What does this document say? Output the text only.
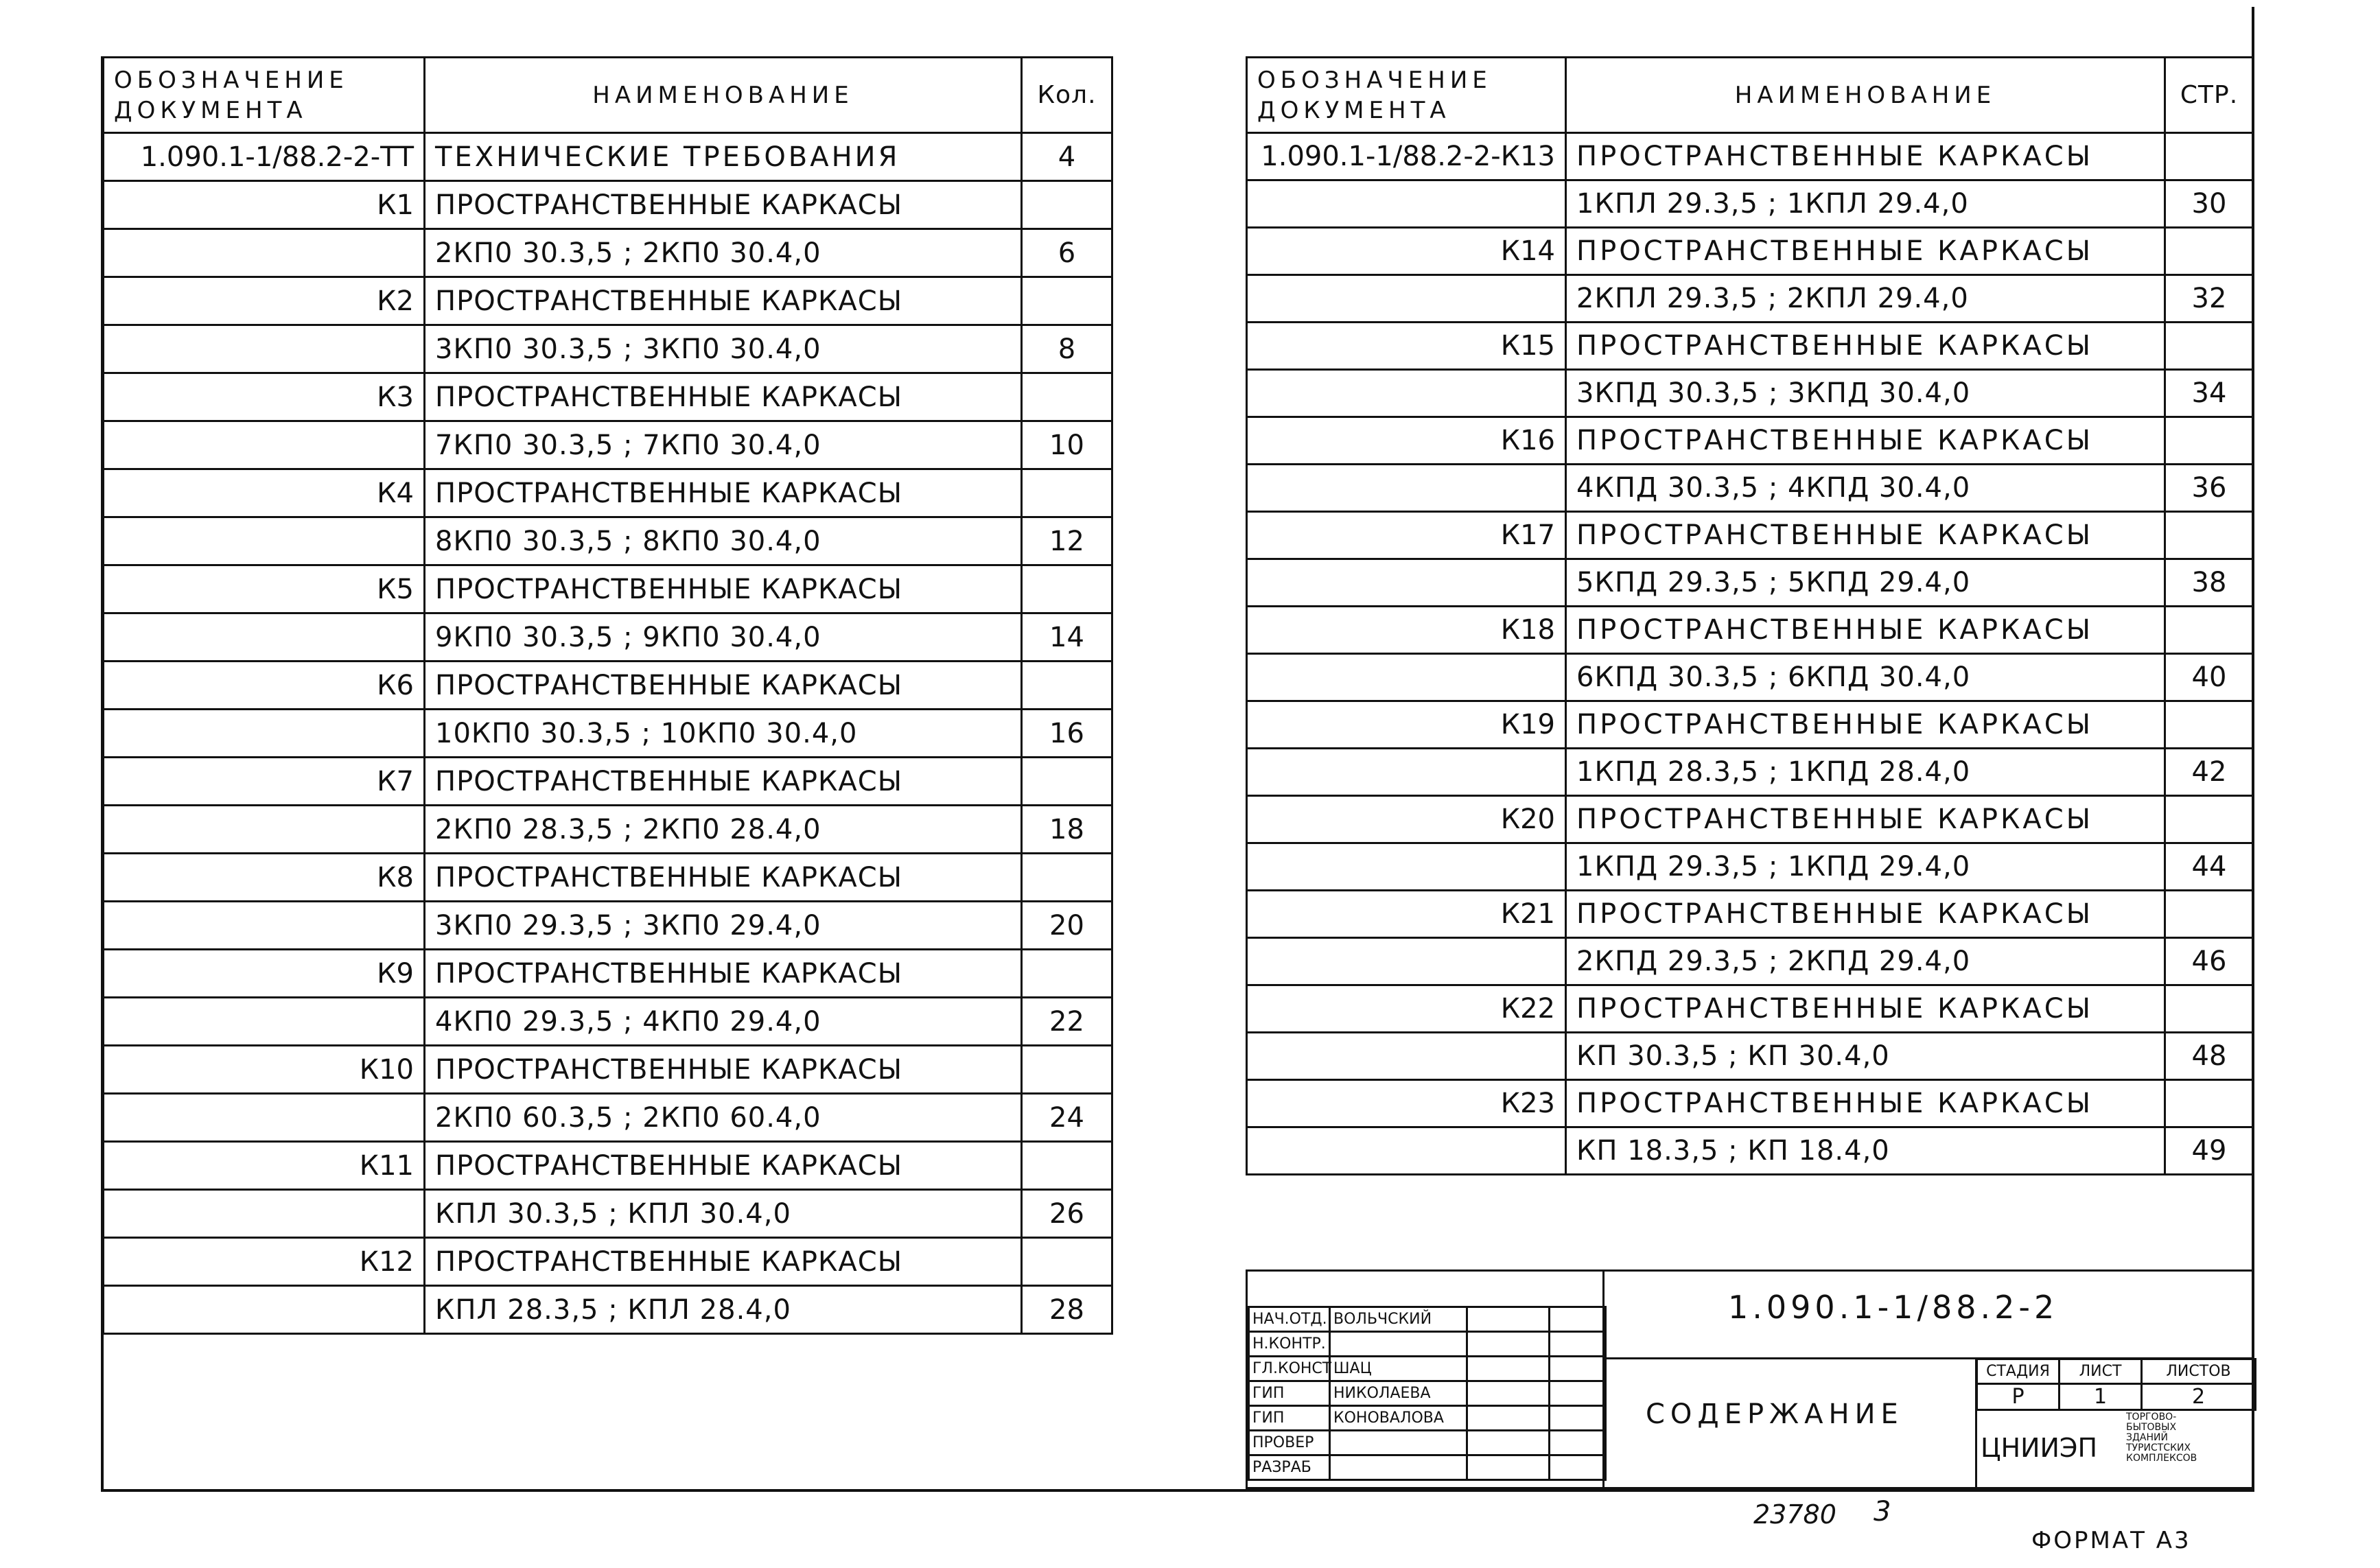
ОБОЗНАЧЕНИЕ ДОКУМЕНТА	НАИМЕНОВАНИЕ	Кол.
1.090.1-1/88.2-2-ТТ	ТЕХНИЧЕСКИЕ ТРЕБОВАНИЯ	4
К1	ПРОСТРАНСТВЕННЫЕ КАРКАСЫ	
	2КП0 30.3,5 ; 2КП0 30.4,0	6
К2	ПРОСТРАНСТВЕННЫЕ КАРКАСЫ	
	3КП0 30.3,5 ; 3КП0 30.4,0	8
К3	ПРОСТРАНСТВЕННЫЕ КАРКАСЫ	
	7КП0 30.3,5 ; 7КП0 30.4,0	10
К4	ПРОСТРАНСТВЕННЫЕ КАРКАСЫ	
	8КП0 30.3,5 ; 8КП0 30.4,0	12
К5	ПРОСТРАНСТВЕННЫЕ КАРКАСЫ	
	9КП0 30.3,5 ; 9КП0 30.4,0	14
К6	ПРОСТРАНСТВЕННЫЕ КАРКАСЫ	
	10КП0 30.3,5 ; 10КП0 30.4,0	16
К7	ПРОСТРАНСТВЕННЫЕ КАРКАСЫ	
	2КП0 28.3,5 ; 2КП0 28.4,0	18
К8	ПРОСТРАНСТВЕННЫЕ КАРКАСЫ	
	3КП0 29.3,5 ; 3КП0 29.4,0	20
К9	ПРОСТРАНСТВЕННЫЕ КАРКАСЫ	
	4КП0 29.3,5 ; 4КП0 29.4,0	22
К10	ПРОСТРАНСТВЕННЫЕ КАРКАСЫ	
	2КП0 60.3,5 ; 2КП0 60.4,0	24
К11	ПРОСТРАНСТВЕННЫЕ КАРКАСЫ	
	КПЛ 30.3,5 ; КПЛ 30.4,0	26
К12	ПРОСТРАНСТВЕННЫЕ КАРКАСЫ	
	КПЛ 28.3,5 ; КПЛ 28.4,0	28
ОБОЗНАЧЕНИЕ ДОКУМЕНТА	НАИМЕНОВАНИЕ	СТР.
1.090.1-1/88.2-2-К13	ПРОСТРАНСТВЕННЫЕ КАРКАСЫ	
	1КПЛ 29.3,5 ; 1КПЛ 29.4,0	30
К14	ПРОСТРАНСТВЕННЫЕ КАРКАСЫ	
	2КПЛ 29.3,5 ; 2КПЛ 29.4,0	32
К15	ПРОСТРАНСТВЕННЫЕ КАРКАСЫ	
	3КПД 30.3,5 ; 3КПД 30.4,0	34
К16	ПРОСТРАНСТВЕННЫЕ КАРКАСЫ	
	4КПД 30.3,5 ; 4КПД 30.4,0	36
К17	ПРОСТРАНСТВЕННЫЕ КАРКАСЫ	
	5КПД 29.3,5 ; 5КПД 29.4,0	38
К18	ПРОСТРАНСТВЕННЫЕ КАРКАСЫ	
	6КПД 30.3,5 ; 6КПД 30.4,0	40
К19	ПРОСТРАНСТВЕННЫЕ КАРКАСЫ	
	1КПД 28.3,5 ; 1КПД 28.4,0	42
К20	ПРОСТРАНСТВЕННЫЕ КАРКАСЫ	
	1КПД 29.3,5 ; 1КПД 29.4,0	44
К21	ПРОСТРАНСТВЕННЫЕ КАРКАСЫ	
	2КПД 29.3,5 ; 2КПД 29.4,0	46
К22	ПРОСТРАНСТВЕННЫЕ КАРКАСЫ	
	КП 30.3,5 ; КП 30.4,0	48
К23	ПРОСТРАНСТВЕННЫЕ КАРКАСЫ	
	КП 18.3,5 ; КП 18.4,0	49
НАЧ.ОТД.	ВОЛЬЧСКИЙ		
Н.КОНТР.			
ГЛ.КОНСТ	ШАЦ		
ГИП	НИКОЛАЕВА		
ГИП	КОНОВАЛОВА		
ПРОВЕР			
РАЗРАБ			
1.090.1-1/88.2-2
СОДЕРЖАНИЕ
СТАДИЯ	ЛИСТ	ЛИСТОВ
Р	1	2
ЦНИИЭП
ТОРГОВО-
БЫТОВЫХ
ЗДАНИЙ
ТУРИСТСКИХ
КОМПЛЕКСОВ
23780 3
ФОРМАТ А3
